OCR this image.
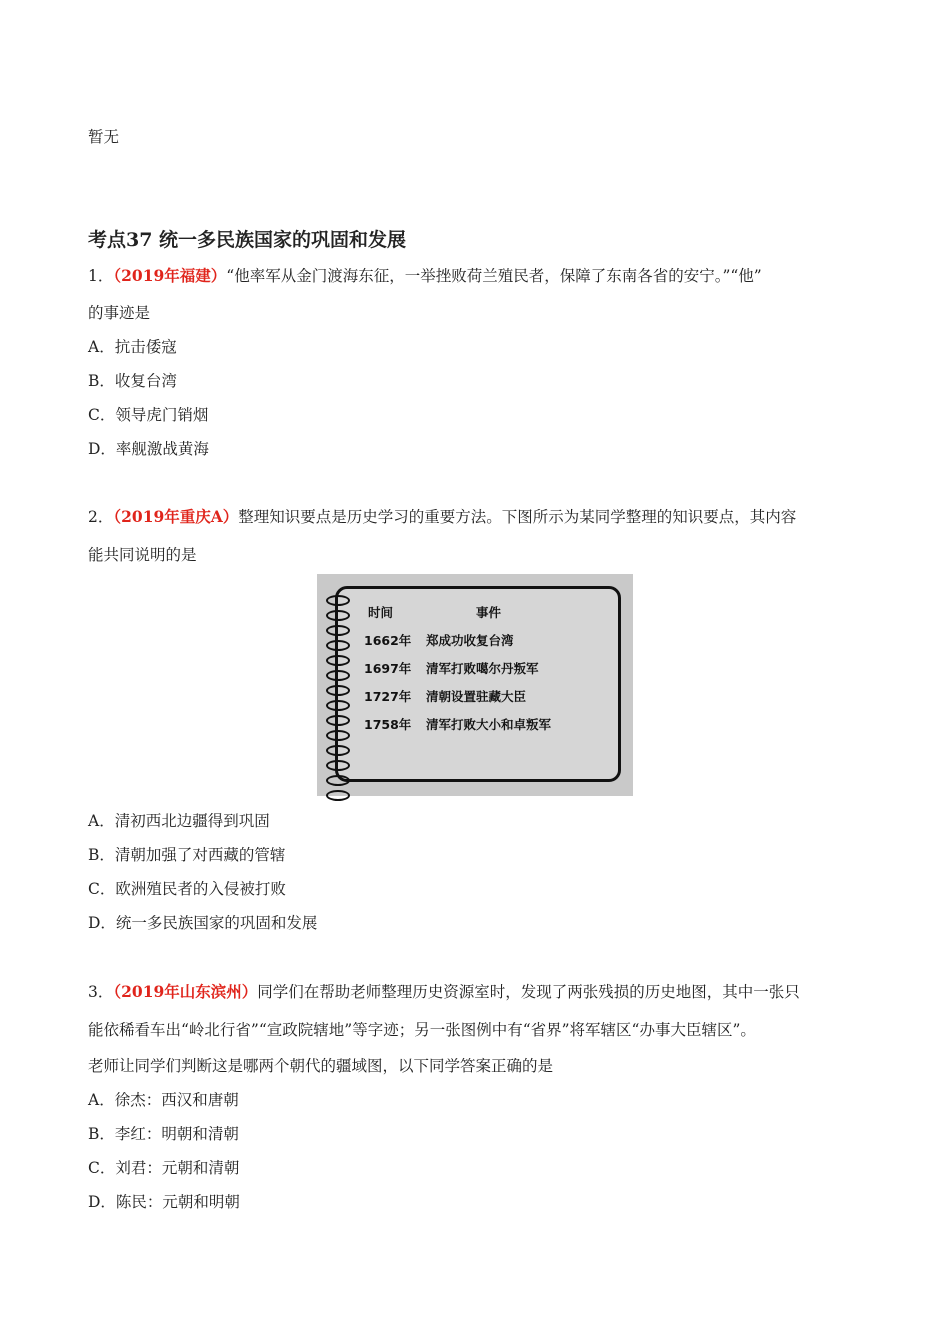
暂无
考点37 统一多民族国家的巩固和发展
1．（2019年福建）“他率军从金门渡海东征，一举挫败荷兰殖民者，保障了东南各省的安宁。”“他”
的事迹是
A．抗击倭寇
B．收复台湾
C．领导虎门销烟
D．率舰激战黄海
2．（2019年重庆A）整理知识要点是历史学习的重要方法。下图所示为某同学整理的知识要点，其内容
能共同说明的是
时间	事件
1662年 郑成功收复台湾
1697年 清军打败噶尔丹叛军
1727年 清朝设置驻藏大臣
1758年 清军打败大小和卓叛军
A．清初西北边疆得到巩固
B．清朝加强了对西藏的管辖
C．欧洲殖民者的入侵被打败
D．统一多民族国家的巩固和发展
3．（2019年山东滨州）同学们在帮助老师整理历史资源室时，发现了两张残损的历史地图，其中一张只
能依稀看车出“岭北行省”“宣政院辖地”等字迹；另一张图例中有“省界”将军辖区“办事大臣辖区”。
老师让同学们判断这是哪两个朝代的疆域图，以下同学答案正确的是
A．徐杰：西汉和唐朝
B．李红：明朝和清朝
C．刘君：元朝和清朝
D．陈民：元朝和明朝
